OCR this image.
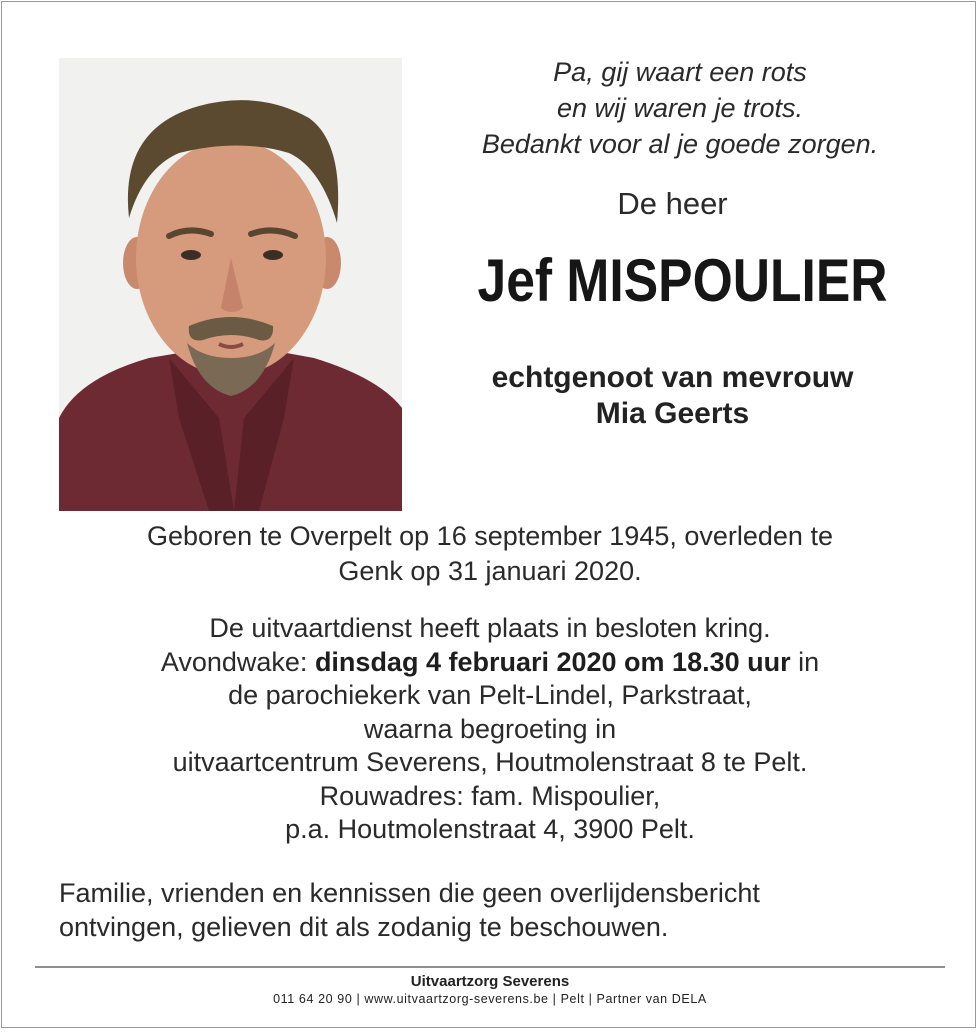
Pa, gij waart een rots
en wij waren je trots.
Bedankt voor al je goede zorgen.
De heer
Jef MISPOULIER
echtgenoot van mevrouw
Mia Geerts
Geboren te Overpelt op 16 september 1945, overleden te
Genk op 31 januari 2020.
De uitvaartdienst heeft plaats in besloten kring.
Avondwake: dinsdag 4 februari 2020 om 18.30 uur in
de parochiekerk van Pelt-Lindel, Parkstraat,
waarna begroeting in
uitvaartcentrum Severens, Houtmolenstraat 8 te Pelt.
Rouwadres: fam. Mispoulier,
p.a. Houtmolenstraat 4, 3900 Pelt.
Familie, vrienden en kennissen die geen overlijdensbericht
ontvingen, gelieven dit als zodanig te beschouwen.
Uitvaartzorg Severens
011 64 20 90 | www.uitvaartzorg-severens.be | Pelt | Partner van DELA
